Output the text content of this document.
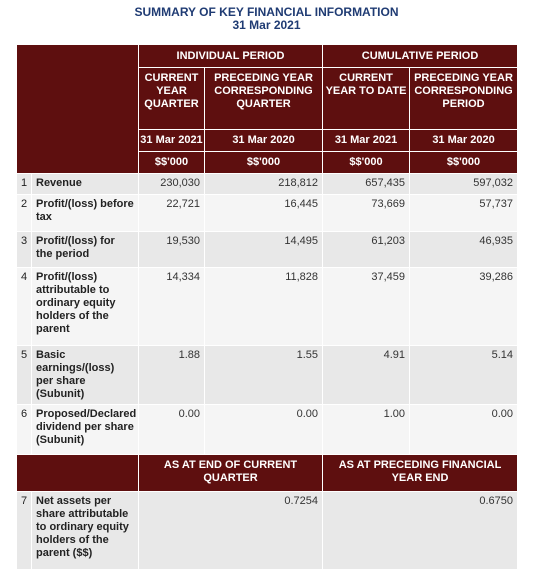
SUMMARY OF KEY FINANCIAL INFORMATION
31 Mar 2021
		INDIVIDUAL PERIOD		CUMULATIVE PERIOD	
		CURRENT YEAR QUARTER	PRECEDING YEAR CORRESPONDING QUARTER	CURRENT YEAR TO DATE	PRECEDING YEAR CORRESPONDING PERIOD
		31 Mar 2021	31 Mar 2020	31 Mar 2021	31 Mar 2020
		$$'000	$$'000	$$'000	$$'000
1	Revenue	230,030	218,812	657,435	597,032
2	Profit/(loss) before tax	22,721	16,445	73,669	57,737
3	Profit/(loss) for the period	19,530	14,495	61,203	46,935
4	Profit/(loss) attributable to ordinary equity holders of the parent	14,334	11,828	37,459	39,286
5	Basic earnings/(loss) per share (Subunit)	1.88	1.55	4.91	5.14
6	Proposed/Declared dividend per share (Subunit)	0.00	0.00	1.00	0.00
		AS AT END OF CURRENT QUARTER		AS AT PRECEDING FINANCIAL YEAR END	
7	Net assets per share attributable to ordinary equity holders of the parent ($$)	0.7254		0.6750	
